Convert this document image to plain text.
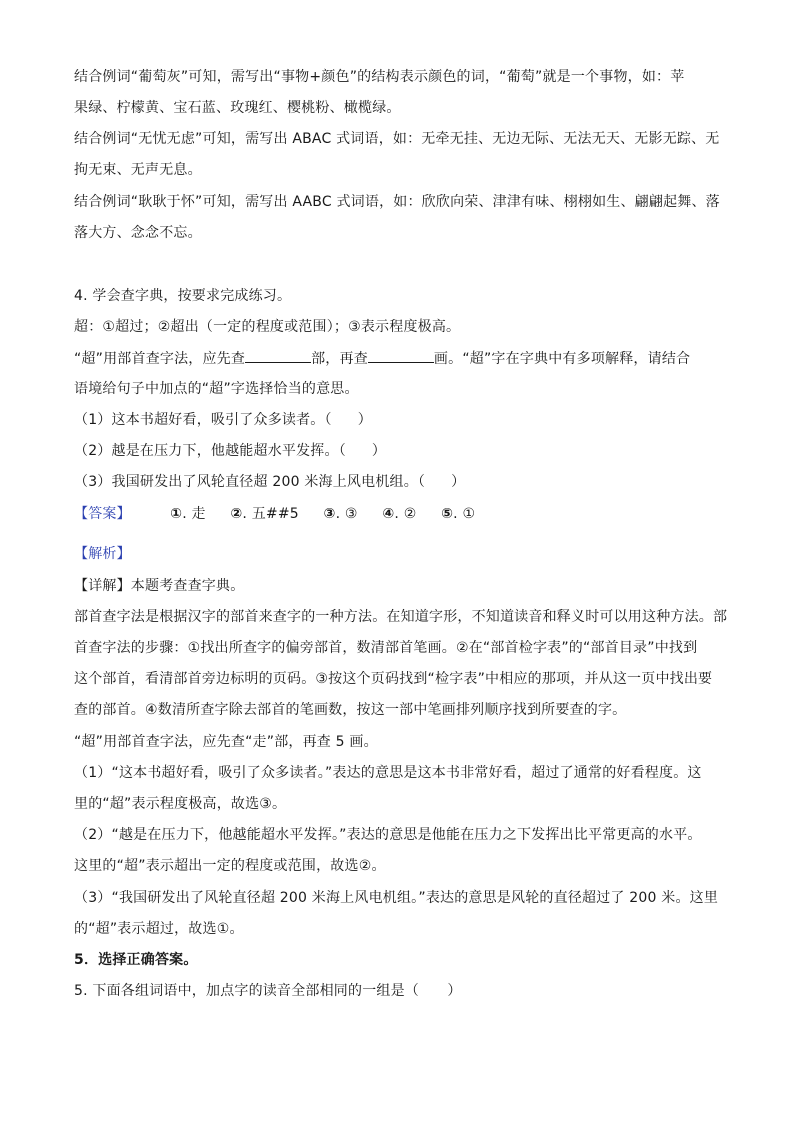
结合例词“葡萄灰”可知，需写出“事物+颜色”的结构表示颜色的词，“葡萄”就是一个事物，如：苹
果绿、柠檬黄、宝石蓝、玫瑰红、樱桃粉、橄榄绿。
结合例词“无忧无虑”可知，需写出 ABAC 式词语，如：无牵无挂、无边无际、无法无天、无影无踪、无
拘无束、无声无息。
结合例词“耿耿于怀”可知，需写出 AABC 式词语，如：欣欣向荣、津津有味、栩栩如生、翩翩起舞、落
落大方、念念不忘。
4. 学会查字典，按要求完成练习。
超：①超过；②超出（一定的程度或范围）；③表示程度极高。
“超”用部首查字法，应先查	部，再查	画。“超”字在字典中有多项解释，请结合
语境给句子中加点的“超”字选择恰当的意思。
（1）这本书超好看，吸引了众多读者。（ ）
（2）越是在压力下，他越能超水平发挥。（ ）
（3）我国研发出了风轮直径超 200 米海上风电机组。（ ）
【答案】	①. 走 ②. 五##5 ③. ③ ④. ② ⑤. ①
【解析】
【详解】本题考查查字典。
部首查字法是根据汉字的部首来查字的一种方法。在知道字形，不知道读音和释义时可以用这种方法。部
首查字法的步骤：①找出所查字的偏旁部首，数清部首笔画。②在“部首检字表”的“部首目录”中找到
这个部首，看清部首旁边标明的页码。③按这个页码找到“检字表”中相应的那项，并从这一页中找出要
查的部首。④数清所查字除去部首的笔画数，按这一部中笔画排列顺序找到所要查的字。
“超”用部首查字法，应先查“走”部，再查 5 画。
（1）“这本书超好看，吸引了众多读者。”表达的意思是这本书非常好看，超过了通常的好看程度。这
里的“超”表示程度极高，故选③。
（2）“越是在压力下，他越能超水平发挥。”表达的意思是他能在压力之下发挥出比平常更高的水平。
这里的“超”表示超出一定的程度或范围，故选②。
（3）“我国研发出了风轮直径超 200 米海上风电机组。”表达的意思是风轮的直径超过了 200 米。这里
的“超”表示超过，故选①。
5．选择正确答案。
5. 下面各组词语中，加点字的读音全部相同的一组是（　　）
